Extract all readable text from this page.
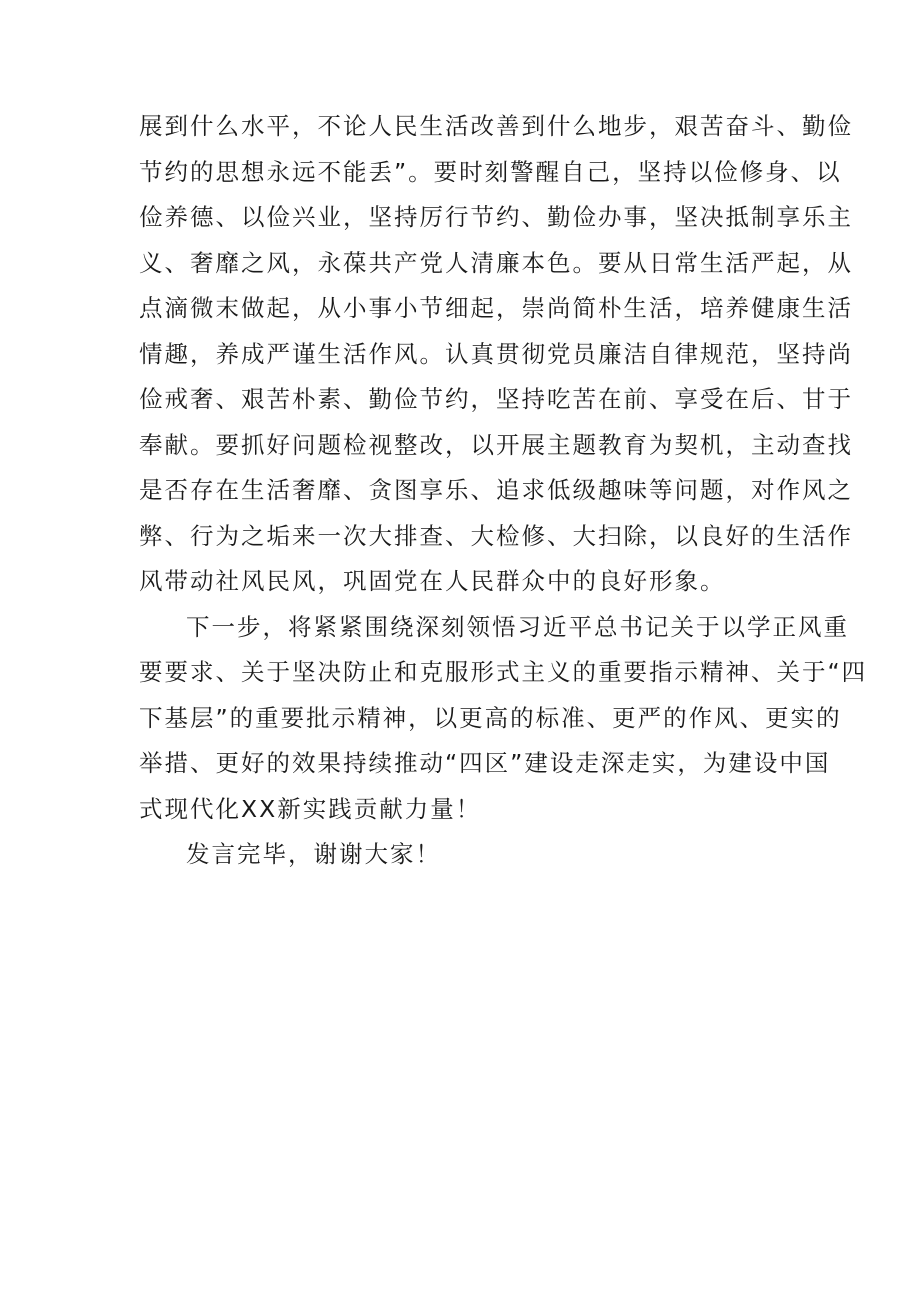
展到什么水平，不论人民生活改善到什么地步，艰苦奋斗、勤俭
节约的思想永远不能丢”。要时刻警醒自己，坚持以俭修身、以
俭养德、以俭兴业，坚持厉行节约、勤俭办事，坚决抵制享乐主
义、奢靡之风，永葆共产党人清廉本色。要从日常生活严起，从
点滴微末做起，从小事小节细起，崇尚简朴生活，培养健康生活
情趣，养成严谨生活作风。认真贯彻党员廉洁自律规范，坚持尚
俭戒奢、艰苦朴素、勤俭节约，坚持吃苦在前、享受在后、甘于
奉献。要抓好问题检视整改，以开展主题教育为契机，主动查找
是否存在生活奢靡、贪图享乐、追求低级趣味等问题，对作风之
弊、行为之垢来一次大排查、大检修、大扫除，以良好的生活作
风带动社风民风，巩固党在人民群众中的良好形象。
下一步，将紧紧围绕深刻领悟习近平总书记关于以学正风重
要要求、关于坚决防止和克服形式主义的重要指示精神、关于“四
下基层”的重要批示精神，以更高的标准、更严的作风、更实的
举措、更好的效果持续推动“四区”建设走深走实，为建设中国
式现代化XX新实践贡献力量！
发言完毕，谢谢大家！
